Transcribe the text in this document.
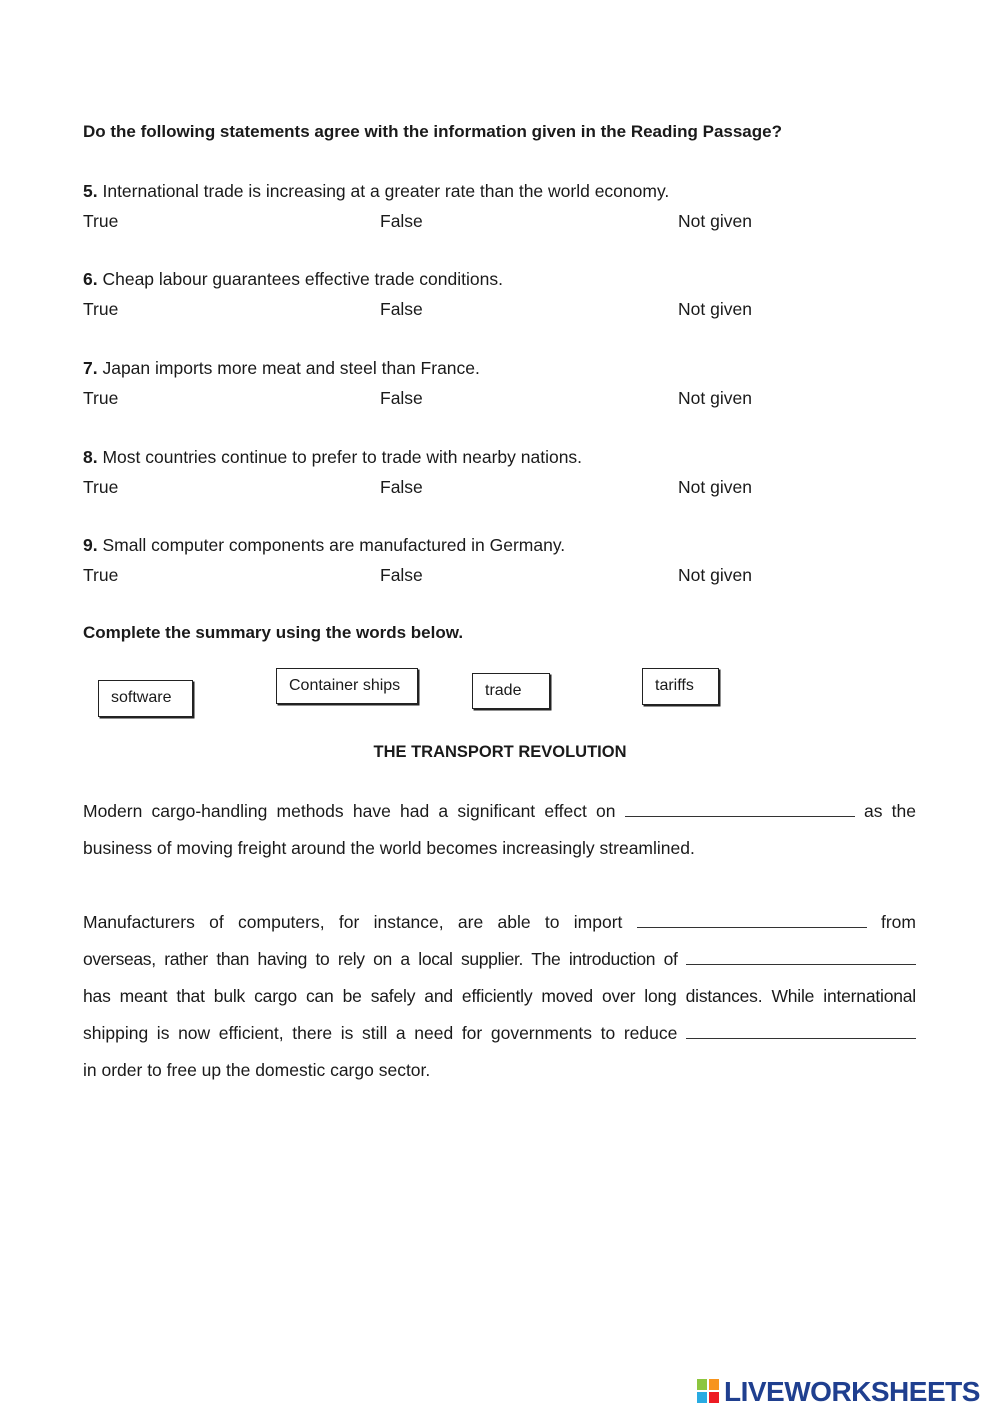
Do the following statements agree with the information given in the Reading Passage?
5. International trade is increasing at a greater rate than the world economy.
True	False	Not given
6. Cheap labour guarantees effective trade conditions.
True	False	Not given
7. Japan imports more meat and steel than France.
True	False	Not given
8. Most countries continue to prefer to trade with nearby nations.
True	False	Not given
9. Small computer components are manufactured in Germany.
True	False	Not given
Complete the summary using the words below.
software
Container ships	trade	tariffs
THE TRANSPORT REVOLUTION
Modern cargo-handling methods have had a significant effect on	as the
business of moving freight around the world becomes increasingly streamlined.
Manufacturers of computers, for instance, are able to import	from
overseas, rather than having to rely on a local supplier. The introduction of
has meant that bulk cargo can be safely and efficiently moved over long distances. While international
shipping is now efficient, there is still a need for governments to reduce
in order to free up the domestic cargo sector.
LIVEWORKSHEETS
